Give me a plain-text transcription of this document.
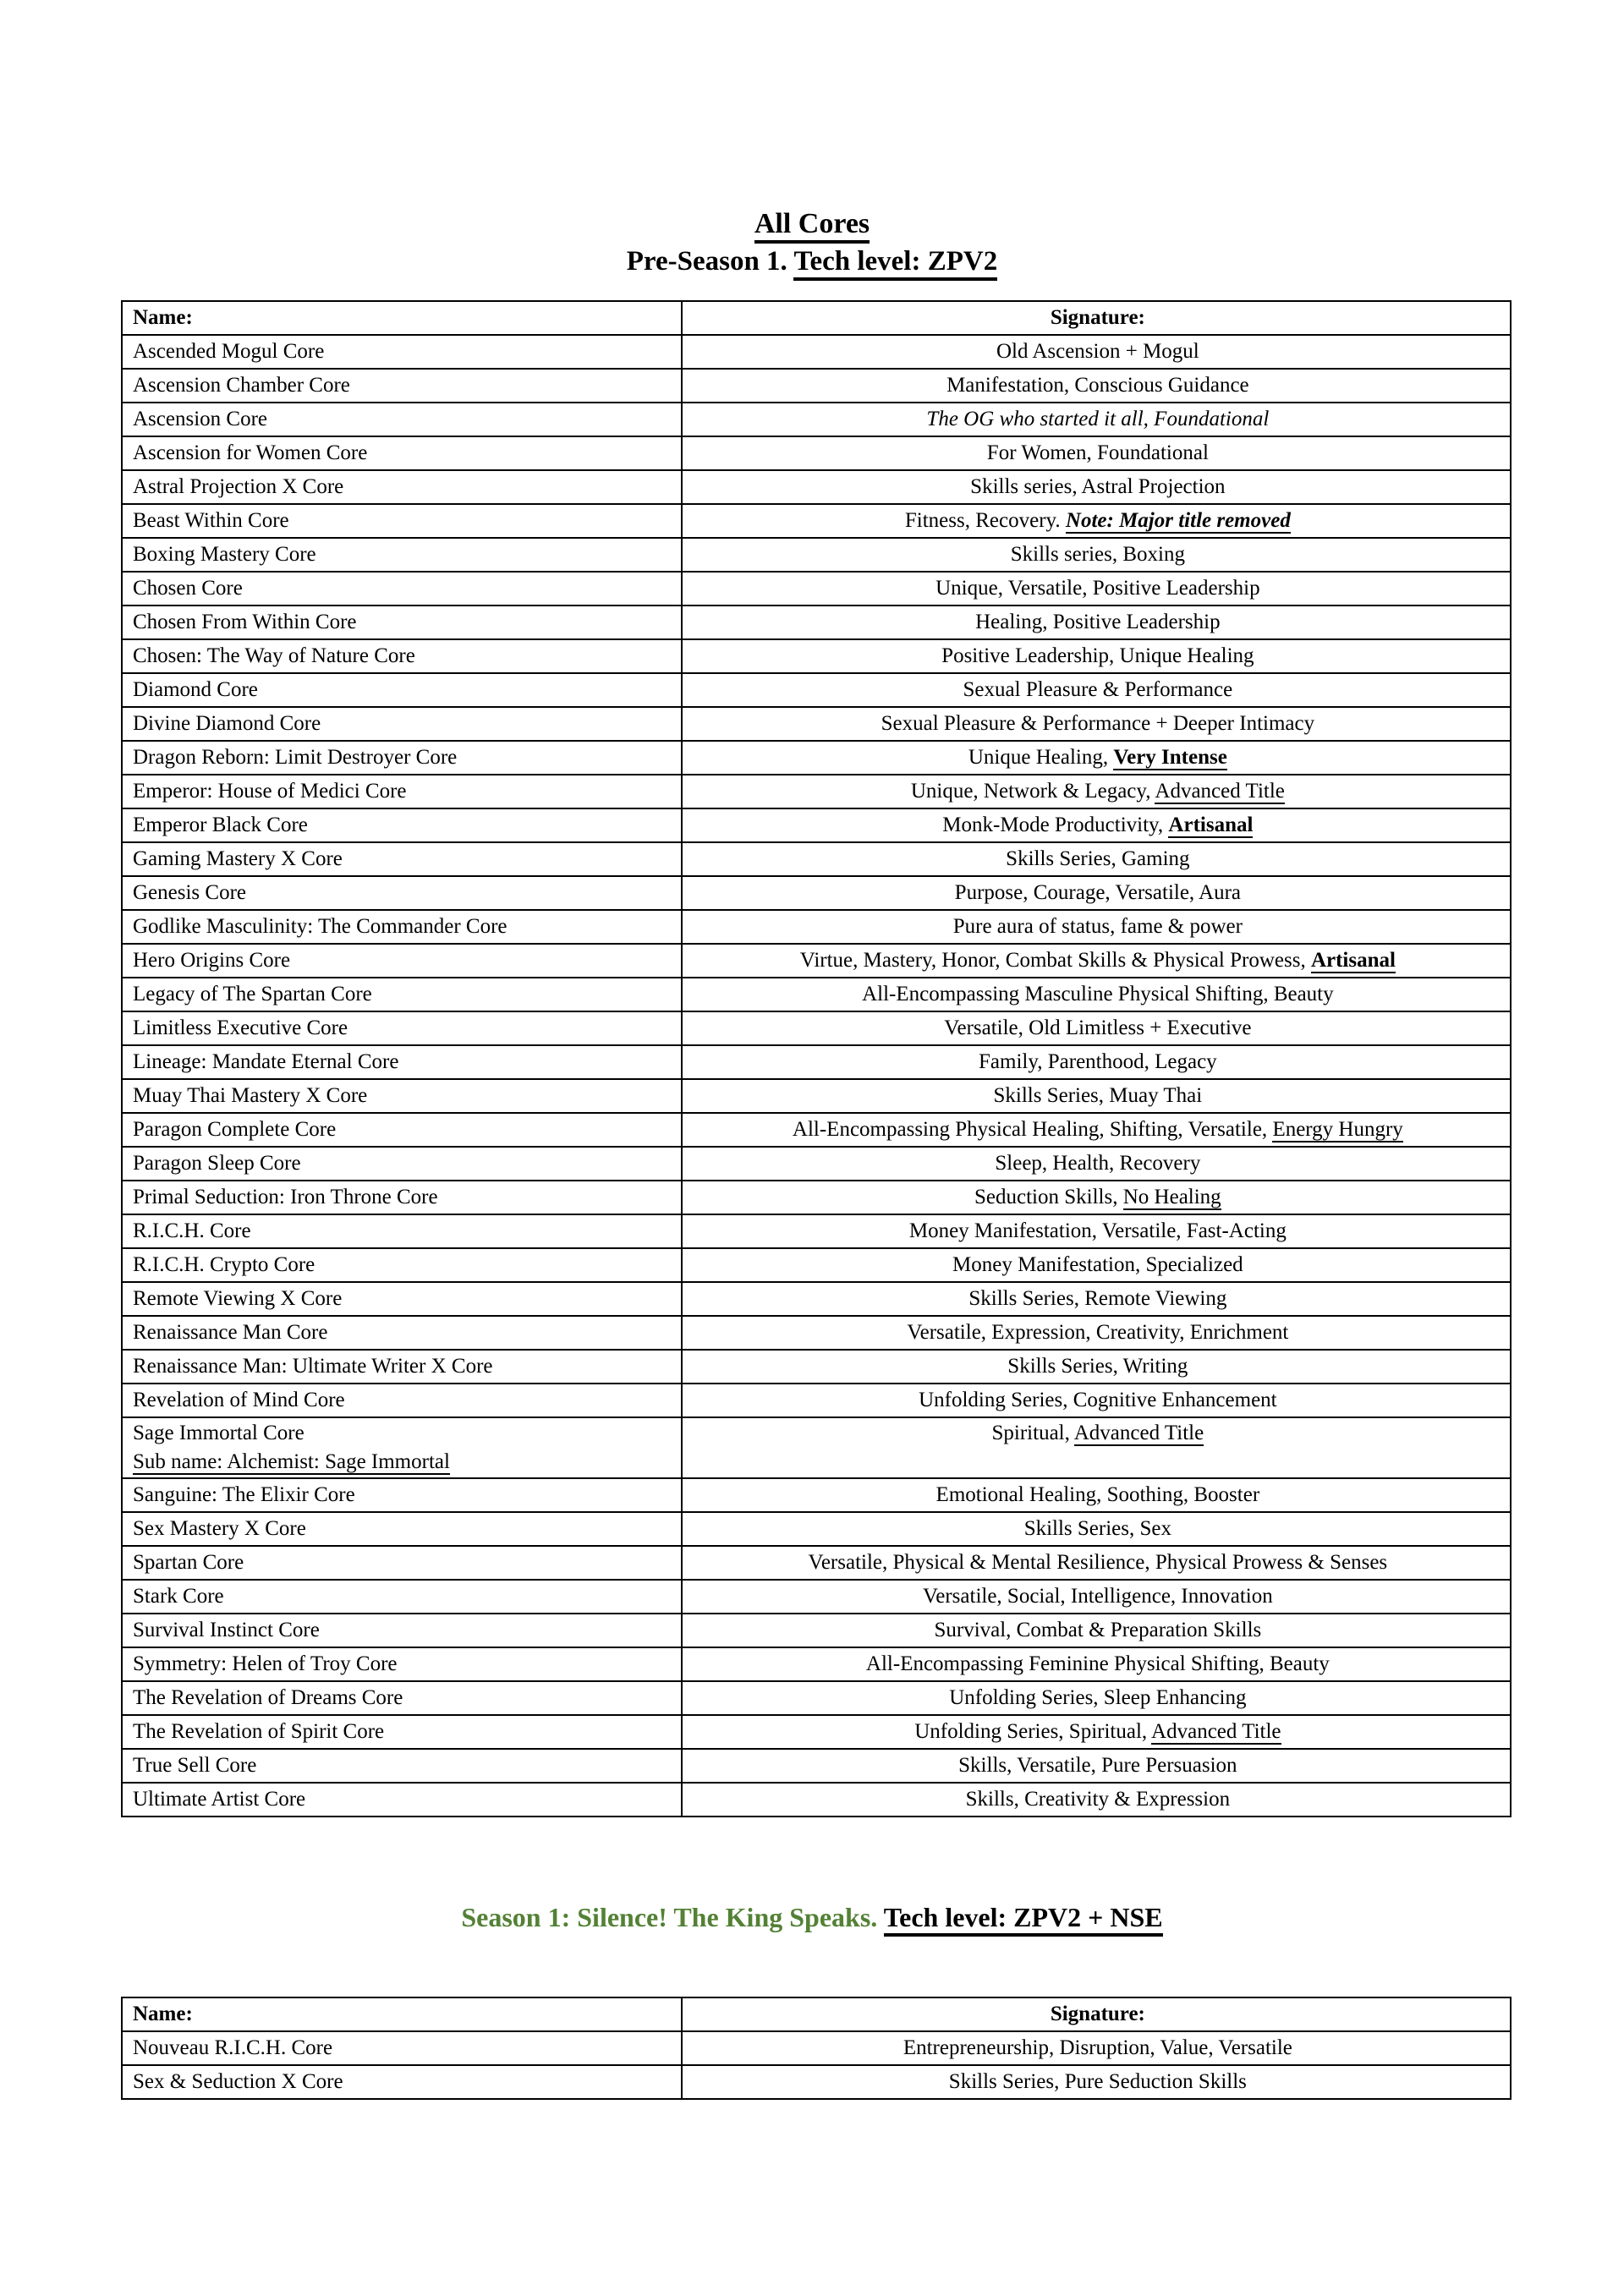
All Cores
Pre-Season 1. Tech level: ZPV2
Name:	Signature:
Ascended Mogul Core	Old Ascension + Mogul
Ascension Chamber Core	Manifestation, Conscious Guidance
Ascension Core	The OG who started it all, Foundational
Ascension for Women Core	For Women, Foundational
Astral Projection X Core	Skills series, Astral Projection
Beast Within Core	Fitness, Recovery. Note: Major title removed
Boxing Mastery Core	Skills series, Boxing
Chosen Core	Unique, Versatile, Positive Leadership
Chosen From Within Core	Healing, Positive Leadership
Chosen: The Way of Nature Core	Positive Leadership, Unique Healing
Diamond Core	Sexual Pleasure & Performance
Divine Diamond Core	Sexual Pleasure & Performance + Deeper Intimacy
Dragon Reborn: Limit Destroyer Core	Unique Healing, Very Intense
Emperor: House of Medici Core	Unique, Network & Legacy, Advanced Title
Emperor Black Core	Monk-Mode Productivity, Artisanal
Gaming Mastery X Core	Skills Series, Gaming
Genesis Core	Purpose, Courage, Versatile, Aura
Godlike Masculinity: The Commander Core	Pure aura of status, fame & power
Hero Origins Core	Virtue, Mastery, Honor, Combat Skills & Physical Prowess, Artisanal
Legacy of The Spartan Core	All-Encompassing Masculine Physical Shifting, Beauty
Limitless Executive Core	Versatile, Old Limitless + Executive
Lineage: Mandate Eternal Core	Family, Parenthood, Legacy
Muay Thai Mastery X Core	Skills Series, Muay Thai
Paragon Complete Core	All-Encompassing Physical Healing, Shifting, Versatile, Energy Hungry
Paragon Sleep Core	Sleep, Health, Recovery
Primal Seduction: Iron Throne Core	Seduction Skills, No Healing
R.I.C.H. Core	Money Manifestation, Versatile, Fast-Acting
R.I.C.H. Crypto Core	Money Manifestation, Specialized
Remote Viewing X Core	Skills Series, Remote Viewing
Renaissance Man Core	Versatile, Expression, Creativity, Enrichment
Renaissance Man: Ultimate Writer X Core	Skills Series, Writing
Revelation of Mind Core	Unfolding Series, Cognitive Enhancement
Sage Immortal Core
Sub name: Alchemist: Sage Immortal	Spiritual, Advanced Title
Sanguine: The Elixir Core	Emotional Healing, Soothing, Booster
Sex Mastery X Core	Skills Series, Sex
Spartan Core	Versatile, Physical & Mental Resilience, Physical Prowess & Senses
Stark Core	Versatile, Social, Intelligence, Innovation
Survival Instinct Core	Survival, Combat & Preparation Skills
Symmetry: Helen of Troy Core	All-Encompassing Feminine Physical Shifting, Beauty
The Revelation of Dreams Core	Unfolding Series, Sleep Enhancing
The Revelation of Spirit Core	Unfolding Series, Spiritual, Advanced Title
True Sell Core	Skills, Versatile, Pure Persuasion
Ultimate Artist Core	Skills, Creativity & Expression
Season 1: Silence! The King Speaks. Tech level: ZPV2 + NSE
Name:	Signature:
Nouveau R.I.C.H. Core	Entrepreneurship, Disruption, Value, Versatile
Sex & Seduction X Core	Skills Series, Pure Seduction Skills
